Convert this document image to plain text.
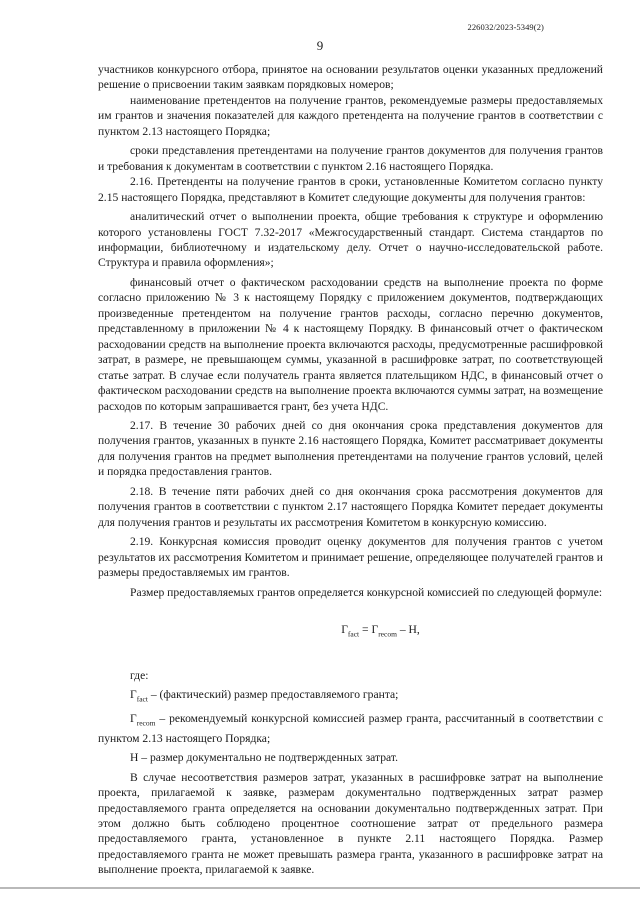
226032/2023-5349(2)
9

участников конкурсного отбора, принятое на основании результатов оценки указанных предложений решение о присвоении таким заявкам порядковых номеров;

наименование претендентов на получение грантов, рекомендуемые размеры предоставляемых им грантов и значения показателей для каждого претендента на получение грантов в соответствии с пунктом 2.13 настоящего Порядка;

сроки представления претендентами на получение грантов документов для получения грантов и требования к документам в соответствии с пунктом 2.16 настоящего Порядка.

2.16. Претенденты на получение грантов в сроки, установленные Комитетом согласно пункту 2.15 настоящего Порядка, представляют в Комитет следующие документы для получения грантов:

аналитический отчет о выполнении проекта, общие требования к структуре и оформлению которого установлены ГОСТ 7.32-2017 «Межгосударственный стандарт. Система стандартов по информации, библиотечному и издательскому делу. Отчет о научно-исследовательской работе. Структура и правила оформления»;

финансовый отчет о фактическом расходовании средств на выполнение проекта по форме согласно приложению № 3 к настоящему Порядку с приложением документов, подтверждающих произведенные претендентом на получение грантов расходы, согласно перечню документов, представленному в приложении № 4 к настоящему Порядку. В финансовый отчет о фактическом расходовании средств на выполнение проекта включаются расходы, предусмотренные расшифровкой затрат, в размере, не превышающем суммы, указанной в расшифровке затрат, по соответствующей статье затрат. В случае если получатель гранта является плательщиком НДС, в финансовый отчет о фактическом расходовании средств на выполнение проекта включаются суммы затрат, на возмещение расходов по которым запрашивается грант, без учета НДС.

2.17. В течение 30 рабочих дней со дня окончания срока представления документов для получения грантов, указанных в пункте 2.16 настоящего Порядка, Комитет рассматривает документы для получения грантов на предмет выполнения претендентами на получение грантов условий, целей и порядка предоставления грантов.

2.18. В течение пяти рабочих дней со дня окончания срока рассмотрения документов для получения грантов в соответствии с пунктом 2.17 настоящего Порядка Комитет передает документы для получения грантов и результаты их рассмотрения Комитетом в конкурсную комиссию.

2.19. Конкурсная комиссия проводит оценку документов для получения грантов с учетом результатов их рассмотрения Комитетом и принимает решение, определяющее получателей грантов и размеры предоставляемых им грантов.

Размер предоставляемых грантов определяется конкурсной комиссией по следующей формуле:

$Г_{fact} = Г_{recom} - Н$,

где:

$Г_{fact}$ – (фактический) размер предоставляемого гранта;

$Г_{recom}$ – рекомендуемый конкурсной комиссией размер гранта, рассчитанный в соответствии с пунктом 2.13 настоящего Порядка;

Н – размер документально не подтвержденных затрат.

В случае несоответствия размеров затрат, указанных в расшифровке затрат на выполнение проекта, прилагаемой к заявке, размерам документально подтвержденных затрат размер предоставляемого гранта определяется на основании документально подтвержденных затрат. При этом должно быть соблюдено процентное соотношение затрат от предельного размера предоставляемого гранта, установленное в пункте 2.11 настоящего Порядка. Размер предоставляемого гранта не может превышать размера гранта, указанного в расшифровке затрат на выполнение проекта, прилагаемой к заявке.
